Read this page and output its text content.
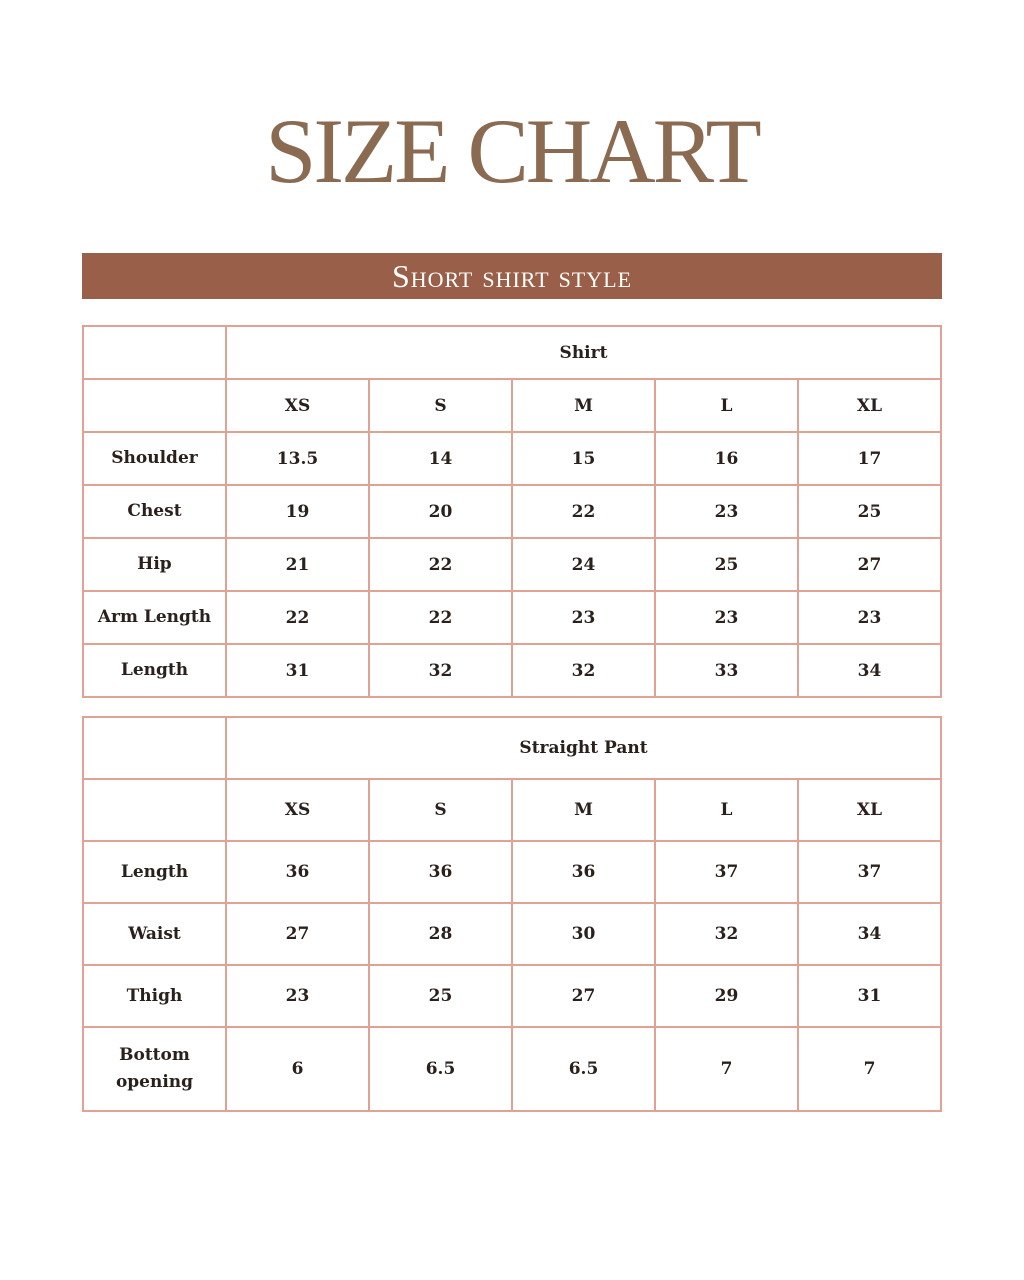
SIZE CHART
Short shirt style
	Shirt				
	XS	S	M	L	XL
Shoulder	13.5	14	15	16	17
Chest	19	20	22	23	25
Hip	21	22	24	25	27
Arm Length	22	22	23	23	23
Length	31	32	32	33	34
	Straight Pant				
	XS	S	M	L	XL
Length	36	36	36	37	37
Waist	27	28	30	32	34
Thigh	23	25	27	29	31
Bottom opening	6	6.5	6.5	7	7
